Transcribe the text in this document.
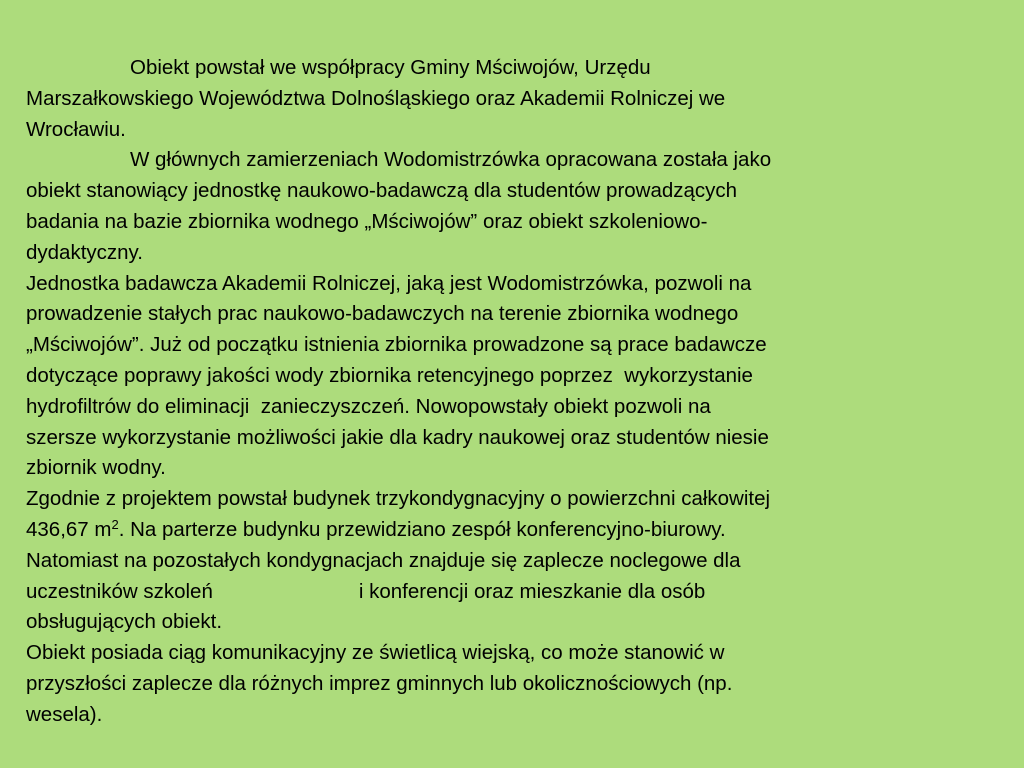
Obiekt powstał we współpracy Gminy Mściwojów, Urzędu
Marszałkowskiego Województwa Dolnośląskiego oraz Akademii Rolniczej we
Wrocławiu.
W głównych zamierzeniach Wodomistrzówka opracowana została jako
obiekt stanowiący jednostkę naukowo-badawczą dla studentów prowadzących
badania na bazie zbiornika wodnego „Mściwojów” oraz obiekt szkoleniowo-
dydaktyczny.
Jednostka badawcza Akademii Rolniczej, jaką jest Wodomistrzówka, pozwoli na
prowadzenie stałych prac naukowo-badawczych na terenie zbiornika wodnego
„Mściwojów”. Już od początku istnienia zbiornika prowadzone są prace badawcze
dotyczące poprawy jakości wody zbiornika retencyjnego poprzez  wykorzystanie
hydrofiltrów do eliminacji  zanieczyszczeń. Nowopowstały obiekt pozwoli na
szersze wykorzystanie możliwości jakie dla kadry naukowej oraz studentów niesie
zbiornik wodny.
Zgodnie z projektem powstał budynek trzykondygnacyjny o powierzchni całkowitej
436,67 $m^2$. Na parterze budynku przewidziano zespół konferencyjno-biurowy.
Natomiast na pozostałych kondygnacjach znajduje się zaplecze noclegowe dla
uczestników szkoleń	i konferencji oraz mieszkanie dla osób
obsługujących obiekt.
Obiekt posiada ciąg komunikacyjny ze świetlicą wiejską, co może stanowić w
przyszłości zaplecze dla różnych imprez gminnych lub okolicznościowych (np.
wesela).
